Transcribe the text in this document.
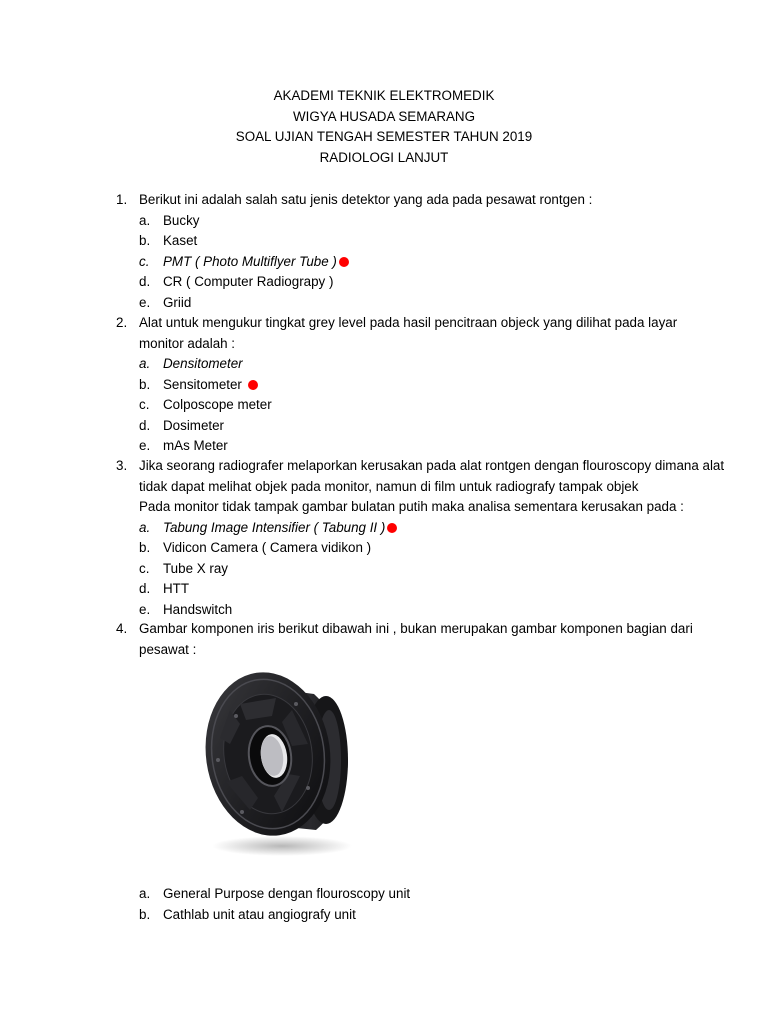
AKADEMI TEKNIK ELEKTROMEDIK
WIGYA HUSADA SEMARANG
SOAL UJIAN TENGAH SEMESTER TAHUN 2019
RADIOLOGI LANJUT
1. Berikut ini adalah salah satu jenis detektor yang ada pada pesawat rontgen :
a. Bucky
b. Kaset
c. PMT ( Photo Multiflyer Tube )
d. CR ( Computer Radiograpy )
e. Griid
2. Alat untuk mengukur tingkat grey level pada hasil pencitraan objeck yang dilihat pada layar
monitor adalah :
a. Densitometer
b. Sensitometer
c. Colposcope meter
d. Dosimeter
e. mAs Meter
3. Jika seorang radiografer melaporkan kerusakan pada alat rontgen dengan flouroscopy dimana alat
tidak dapat melihat objek pada monitor, namun di film untuk radiografy tampak objek
Pada monitor tidak tampak gambar bulatan putih maka analisa sementara kerusakan pada :
a. Tabung Image Intensifier ( Tabung II )
b. Vidicon Camera ( Camera vidikon )
c. Tube X ray
d. HTT
e. Handswitch
4. Gambar komponen iris berikut dibawah ini , bukan merupakan gambar komponen bagian dari
pesawat :
a. General Purpose dengan flouroscopy unit
b. Cathlab unit atau angiografy unit
